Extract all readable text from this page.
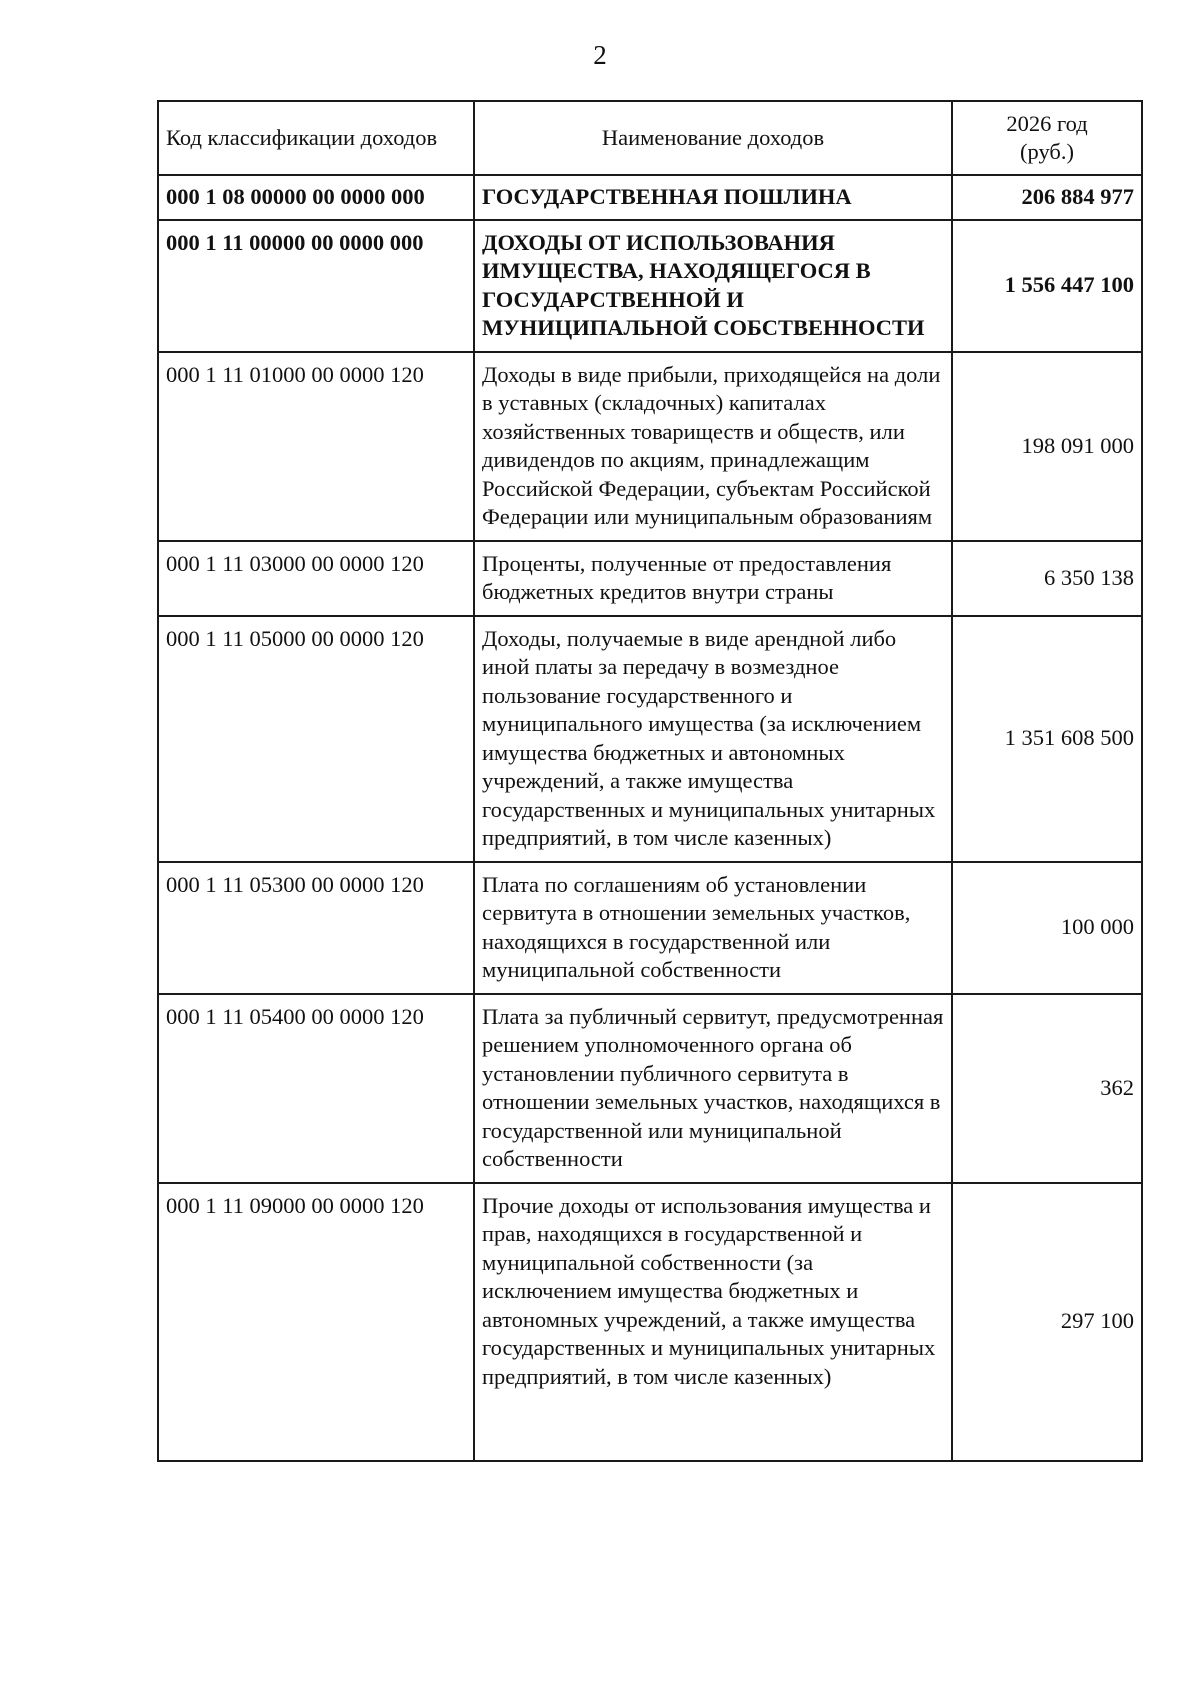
2
Код классификации доходов	Наименование доходов	2026 год
(руб.)

000 1 08 00000 00 0000 000	ГОСУДАРСТВЕННАЯ ПОШЛИНА	206 884 977
000 1 11 00000 00 0000 000	ДОХОДЫ ОТ ИСПОЛЬЗОВАНИЯ ИМУЩЕСТВА, НАХОДЯЩЕГОСЯ В ГОСУДАРСТВЕННОЙ И МУНИЦИПАЛЬНОЙ СОБСТВЕННОСТИ	1 556 447 100
000 1 11 01000 00 0000 120	Доходы в виде прибыли, приходящейся на доли в уставных (складочных) капиталах хозяйственных товариществ и обществ, или дивидендов по акциям, принадлежащим Российской Федерации, субъектам Российской Федерации или муниципальным образованиям	198 091 000
000 1 11 03000 00 0000 120	Проценты, полученные от предоставления бюджетных кредитов внутри страны	6 350 138
000 1 11 05000 00 0000 120	Доходы, получаемые в виде арендной либо иной платы за передачу в возмездное пользование государственного и муниципального имущества (за исключением имущества бюджетных и автономных учреждений, а также имущества государственных и муниципальных унитарных предприятий, в том числе казенных)	1 351 608 500
000 1 11 05300 00 0000 120	Плата по соглашениям об установлении сервитута в отношении земельных участков, находящихся в государственной или муниципальной собственности	100 000
000 1 11 05400 00 0000 120	Плата за публичный сервитут, предусмотренная решением уполномоченного органа об установлении публичного сервитута в отношении земельных участков, находящихся в государственной или муниципальной собственности	362
000 1 11 09000 00 0000 120	Прочие доходы от использования имущества и прав, находящихся в государственной и муниципальной собственности (за исключением имущества бюджетных и автономных учреждений, а также имущества государственных и муниципальных унитарных предприятий, в том числе казенных)	297 100
